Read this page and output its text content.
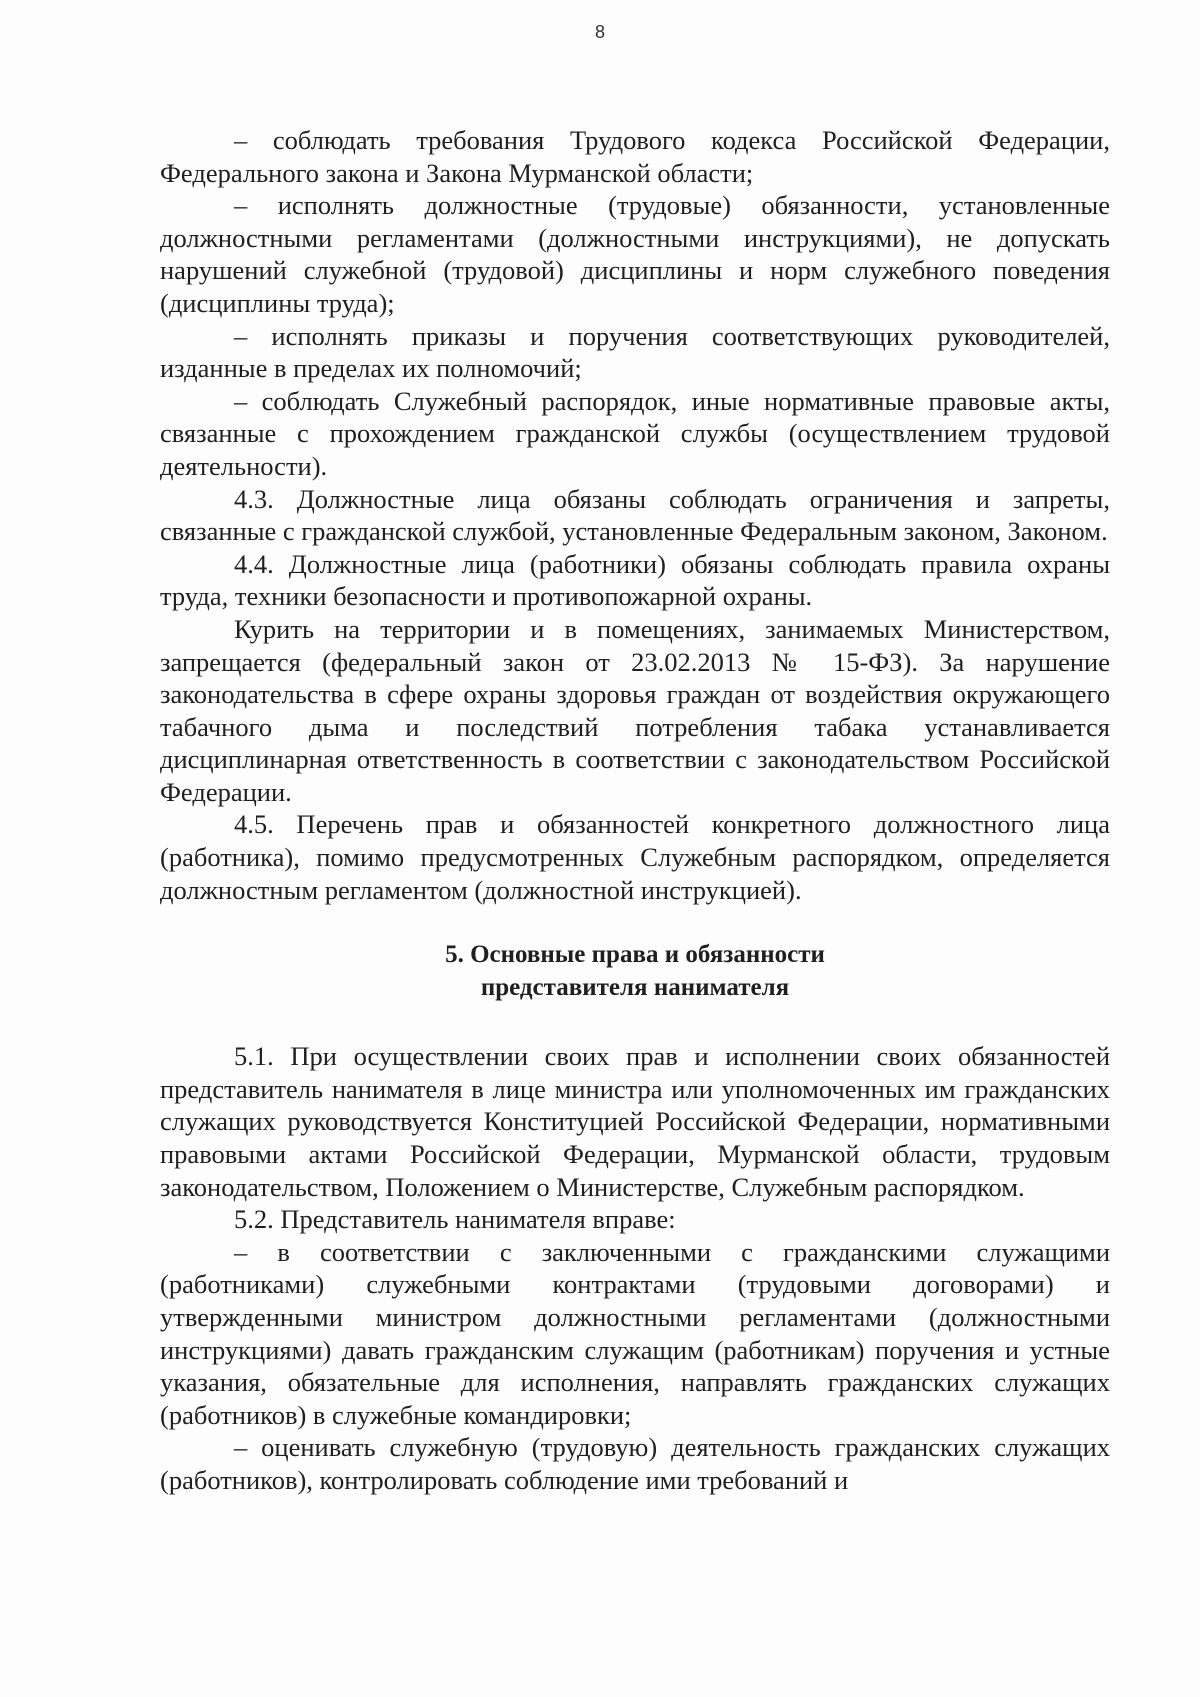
8

– соблюдать требования Трудового кодекса Российской Федерации, Федерального закона и Закона Мурманской области;

– исполнять должностные (трудовые) обязанности, установленные должностными регламентами (должностными инструкциями), не допускать нарушений служебной (трудовой) дисциплины и норм служебного поведения (дисциплины труда);

– исполнять приказы и поручения соответствующих руководителей, изданные в пределах их полномочий;

– соблюдать Служебный распорядок, иные нормативные правовые акты, связанные с прохождением гражданской службы (осуществлением трудовой деятельности).

4.3. Должностные лица обязаны соблюдать ограничения и запреты, связанные с гражданской службой, установленные Федеральным законом, Законом.

4.4. Должностные лица (работники) обязаны соблюдать правила охраны труда, техники безопасности и противопожарной охраны.

Курить на территории и в помещениях, занимаемых Министерством, запрещается (федеральный закон от 23.02.2013 № 15-ФЗ). За нарушение законодательства в сфере охраны здоровья граждан от воздействия окружающего табачного дыма и последствий потребления табака устанавливается дисциплинарная ответственность в соответствии с законодательством Российской Федерации.

4.5. Перечень прав и обязанностей конкретного должностного лица (работника), помимо предусмотренных Служебным распорядком, определяется должностным регламентом (должностной инструкцией).

5. Основные права и обязанности
представителя нанимателя

5.1. При осуществлении своих прав и исполнении своих обязанностей представитель нанимателя в лице министра или уполномоченных им гражданских служащих руководствуется Конституцией Российской Федерации, нормативными правовыми актами Российской Федерации, Мурманской области, трудовым законодательством, Положением о Министерстве, Служебным распорядком.

5.2. Представитель нанимателя вправе:

– в соответствии с заключенными с гражданскими служащими (работниками) служебными контрактами (трудовыми договорами) и утвержденными министром должностными регламентами (должностными инструкциями) давать гражданским служащим (работникам) поручения и устные указания, обязательные для исполнения, направлять гражданских служащих (работников) в служебные командировки;

– оценивать служебную (трудовую) деятельность гражданских служащих (работников), контролировать соблюдение ими требований и
